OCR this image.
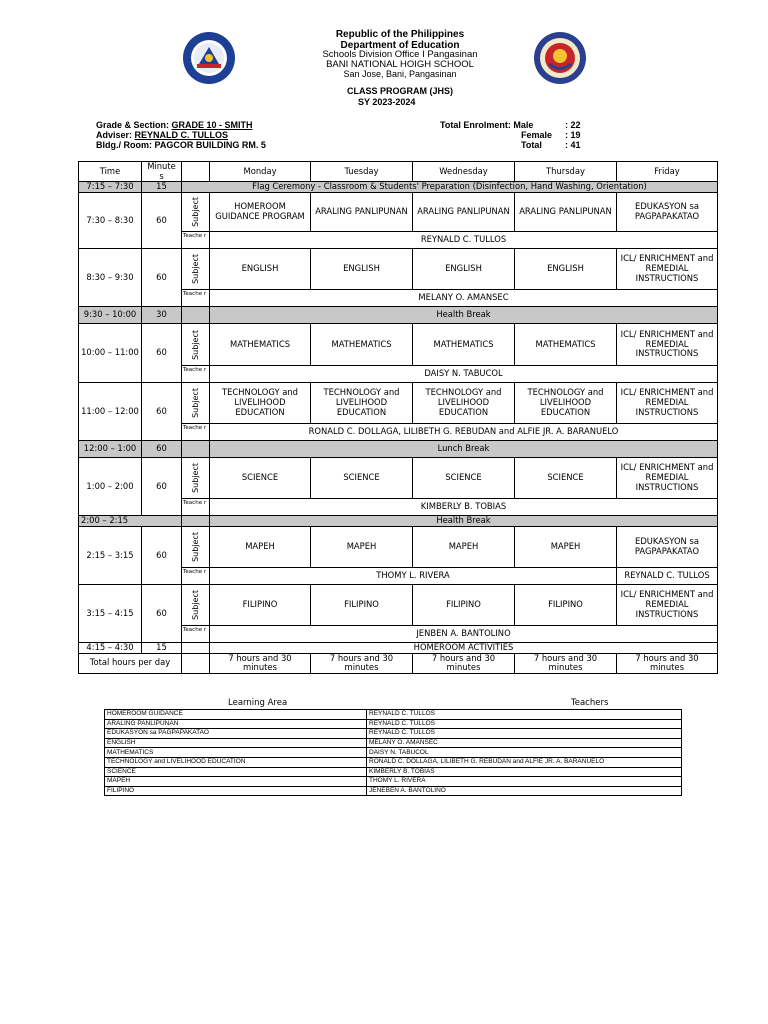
Republic of the Philippines
Department of Education
Schools Division Office I Pangasinan
BANI NATIONAL HOIGH SCHOOL
San Jose, Bani, Pangasinan
CLASS PROGRAM (JHS)
SY 2023-2024
Grade & Section: GRADE 10 - SMITH
Adviser: REYNALD C. TULLOS
Bldg./ Room: PAGCOR BUILDING RM. 5
Total Enrolment: Male	: 22
Female : 19
Total	: 41
Time	Minute s		Monday	Tuesday	Wednesday	Thursday	Friday
7:15 – 7:30	15	Flag Ceremony - Classroom & Students' Preparation (Disinfection, Hand Washing, Orientation)					
7:30 – 8:30	60	Subject	HOMEROOM GUIDANCE PROGRAM	ARALING PANLIPUNAN	ARALING PANLIPUNAN	ARALING PANLIPUNAN	EDUKASYON sa PAGPAPAKATAO
		Teache r	REYNALD C. TULLOS				
8:30 – 9:30	60	Subject	ENGLISH	ENGLISH	ENGLISH	ENGLISH	ICL/ ENRICHMENT and REMEDIAL INSTRUCTIONS
		Teache r	MELANY O. AMANSEC				
9:30 – 10:00	30		Health Break				
10:00 – 11:00	60	Subject	MATHEMATICS	MATHEMATICS	MATHEMATICS	MATHEMATICS	ICL/ ENRICHMENT and REMEDIAL INSTRUCTIONS
		Teache r	DAISY N. TABUCOL				
11:00 – 12:00	60	Subject	TECHNOLOGY and LIVELIHOOD EDUCATION	TECHNOLOGY and LIVELIHOOD EDUCATION	TECHNOLOGY and LIVELIHOOD EDUCATION	TECHNOLOGY and LIVELIHOOD EDUCATION	ICL/ ENRICHMENT and REMEDIAL INSTRUCTIONS
		Teache r	RONALD C. DOLLAGA, LILIBETH G. REBUDAN and ALFIE JR. A. BARANUELO				
12:00 – 1:00	60		Lunch Break				
1:00 – 2:00	60	Subject	SCIENCE	SCIENCE	SCIENCE	SCIENCE	ICL/ ENRICHMENT and REMEDIAL INSTRUCTIONS
		Teache r	KIMBERLY B. TOBIAS				
2:00 – 2:15			Health Break				
2:15 – 3:15	60	Subject	MAPEH	MAPEH	MAPEH	MAPEH	EDUKASYON sa PAGPAPAKATAO
		Teache r	THOMY L. RIVERA				REYNALD C. TULLOS
3:15 – 4:15	60	Subject	FILIPINO	FILIPINO	FILIPINO	FILIPINO	ICL/ ENRICHMENT and REMEDIAL INSTRUCTIONS
		Teache r	JENBEN A. BANTOLINO				
4:15 – 4:30	15		HOMEROOM ACTIVITIES				
Total hours per day			7 hours and 30 minutes	7 hours and 30 minutes	7 hours and 30 minutes	7 hours and 30 minutes	7 hours and 30 minutes
Learning Area	Teachers
HOMEROOM GUIDANCE	REYNALD C. TULLOS
ARALING PANLIPUNAN	REYNALD C. TULLOS
EDUKASYON sa PAGPAPAKATAO	REYNALD C. TULLOS
ENGLISH	MELANY O. AMANSEC
MATHEMATICS	DAISY N. TABUCOL
TECHNOLOGY and LIVELIHOOD EDUCATION	RONALD C. DOLLAGA, LILIBETH G. REBUDAN and ALFIE JR. A. BARANUELO
SCIENCE	KIMBERLY B. TOBIAS
MAPEH	THOMY L. RIVERA
FILIPINO	JENEBEN A. BANTOLINO
